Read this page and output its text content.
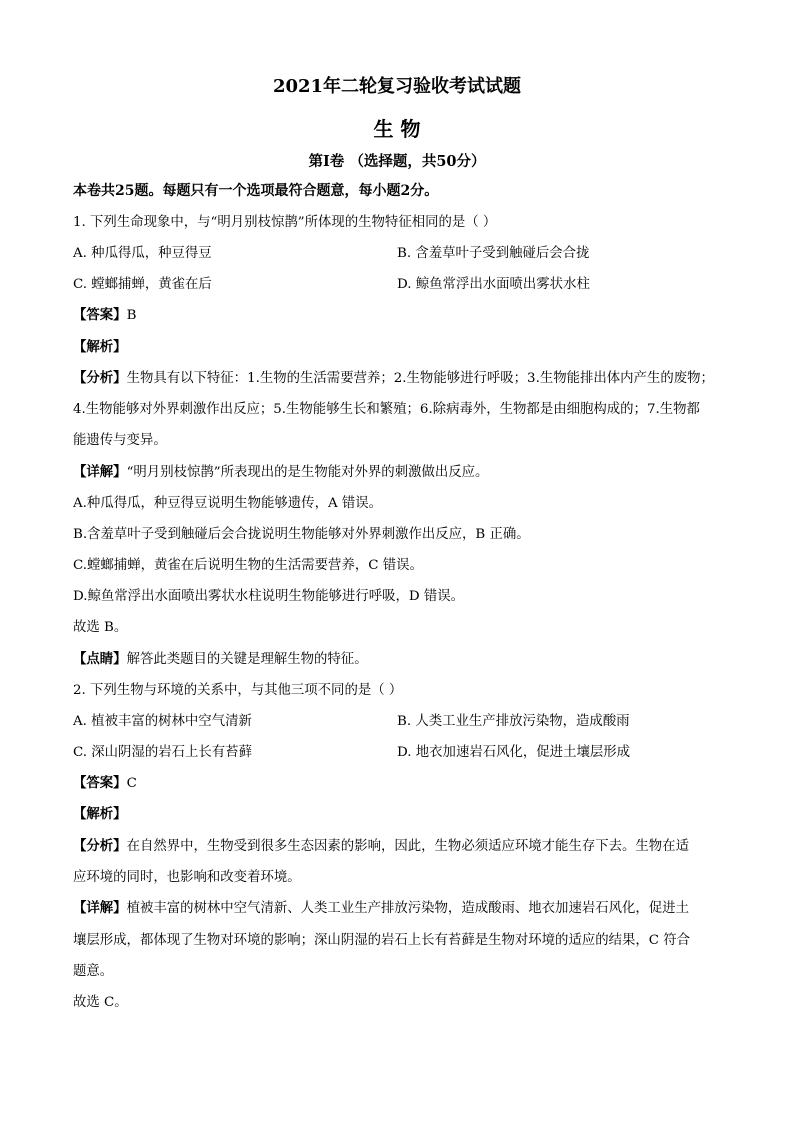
2021年二轮复习验收考试试题
生 物
第Ⅰ卷 （选择题，共50分）
本卷共25题。每题只有一个选项最符合题意，每小题2分。
1. 下列生命现象中，与“明月别枝惊鹊”所体现的生物特征相同的是（ ）
A. 种瓜得瓜，种豆得豆	B. 含羞草叶子受到触碰后会合拢
C. 螳螂捕蝉，黄雀在后	D. 鲸鱼常浮出水面喷出雾状水柱
【答案】B
【解析】
【分析】生物具有以下特征：1.生物的生活需要营养；2.生物能够进行呼吸；3.生物能排出体内产生的废物；
4.生物能够对外界刺激作出反应；5.生物能够生长和繁殖；6.除病毒外，生物都是由细胞构成的；7.生物都
能遗传与变异。
【详解】“明月别枝惊鹊”所表现出的是生物能对外界的刺激做出反应。
A.种瓜得瓜，种豆得豆说明生物能够遗传，A 错误。
B.含羞草叶子受到触碰后会合拢说明生物能够对外界刺激作出反应，B 正确。
C.螳螂捕蝉，黄雀在后说明生物的生活需要营养，C 错误。
D.鲸鱼常浮出水面喷出雾状水柱说明生物能够进行呼吸，D 错误。
故选 B。
【点睛】解答此类题目的关键是理解生物的特征。
2. 下列生物与环境的关系中，与其他三项不同的是（ ）
A. 植被丰富的树林中空气清新	B. 人类工业生产排放污染物，造成酸雨
C. 深山阴湿的岩石上长有苔藓	D. 地衣加速岩石风化，促进土壤层形成
【答案】C
【解析】
【分析】在自然界中，生物受到很多生态因素的影响，因此，生物必须适应环境才能生存下去。生物在适
应环境的同时，也影响和改变着环境。
【详解】植被丰富的树林中空气清新、人类工业生产排放污染物，造成酸雨、地衣加速岩石风化，促进土
壤层形成，都体现了生物对环境的影响；深山阴湿的岩石上长有苔藓是生物对环境的适应的结果，C 符合
题意。
故选 C。
